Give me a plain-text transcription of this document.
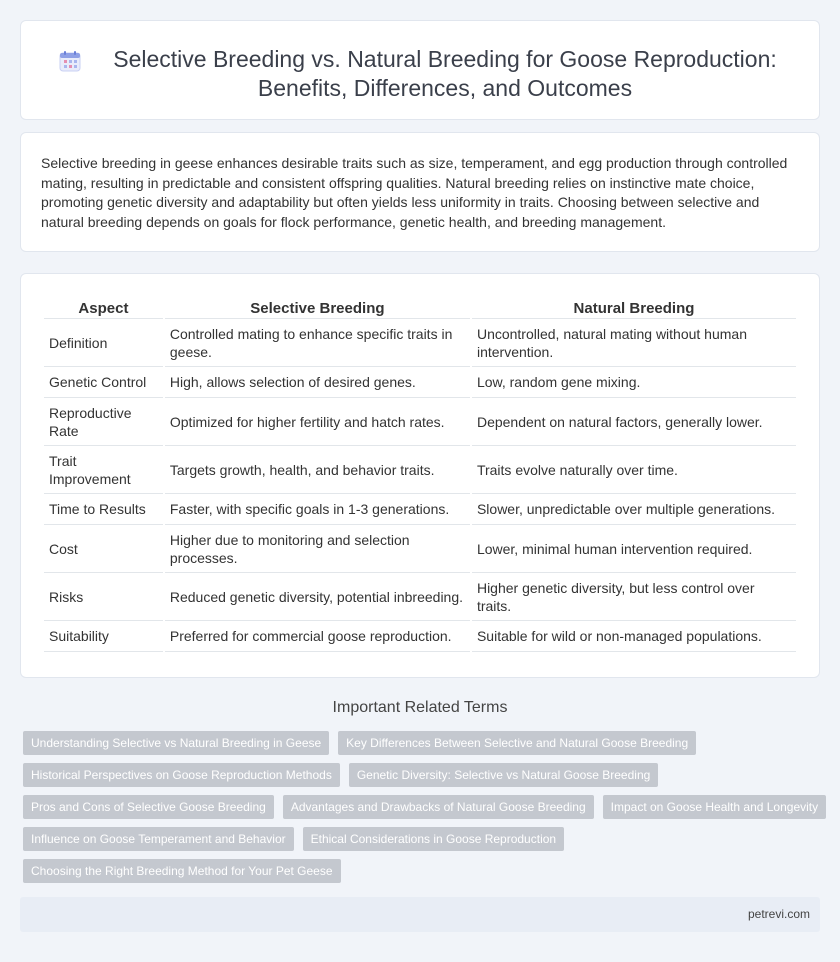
Selective Breeding vs. Natural Breeding for Goose Reproduction: Benefits, Differences, and Outcomes

Selective breeding in geese enhances desirable traits such as size, temperament, and egg production through controlled mating, resulting in predictable and consistent offspring qualities. Natural breeding relies on instinctive mate choice, promoting genetic diversity and adaptability but often yields less uniformity in traits. Choosing between selective and natural breeding depends on goals for flock performance, genetic health, and breeding management.

Aspect	Selective Breeding	Natural Breeding
Definition	Controlled mating to enhance specific traits in geese.	Uncontrolled, natural mating without human intervention.
Genetic Control	High, allows selection of desired genes.	Low, random gene mixing.
Reproductive Rate	Optimized for higher fertility and hatch rates.	Dependent on natural factors, generally lower.
Trait Improvement	Targets growth, health, and behavior traits.	Traits evolve naturally over time.
Time to Results	Faster, with specific goals in 1-3 generations.	Slower, unpredictable over multiple generations.
Cost	Higher due to monitoring and selection processes.	Lower, minimal human intervention required.
Risks	Reduced genetic diversity, potential inbreeding.	Higher genetic diversity, but less control over traits.
Suitability	Preferred for commercial goose reproduction.	Suitable for wild or non-managed populations.
Important Related Terms
Understanding Selective vs Natural Breeding in Geese	Key Differences Between Selective and Natural Goose Breeding
Historical Perspectives on Goose Reproduction Methods	Genetic Diversity: Selective vs Natural Goose Breeding
Pros and Cons of Selective Goose Breeding	Advantages and Drawbacks of Natural Goose Breeding	Impact on Goose Health and Longevity
Influence on Goose Temperament and Behavior	Ethical Considerations in Goose Reproduction
Choosing the Right Breeding Method for Your Pet Geese
petrevi.com
